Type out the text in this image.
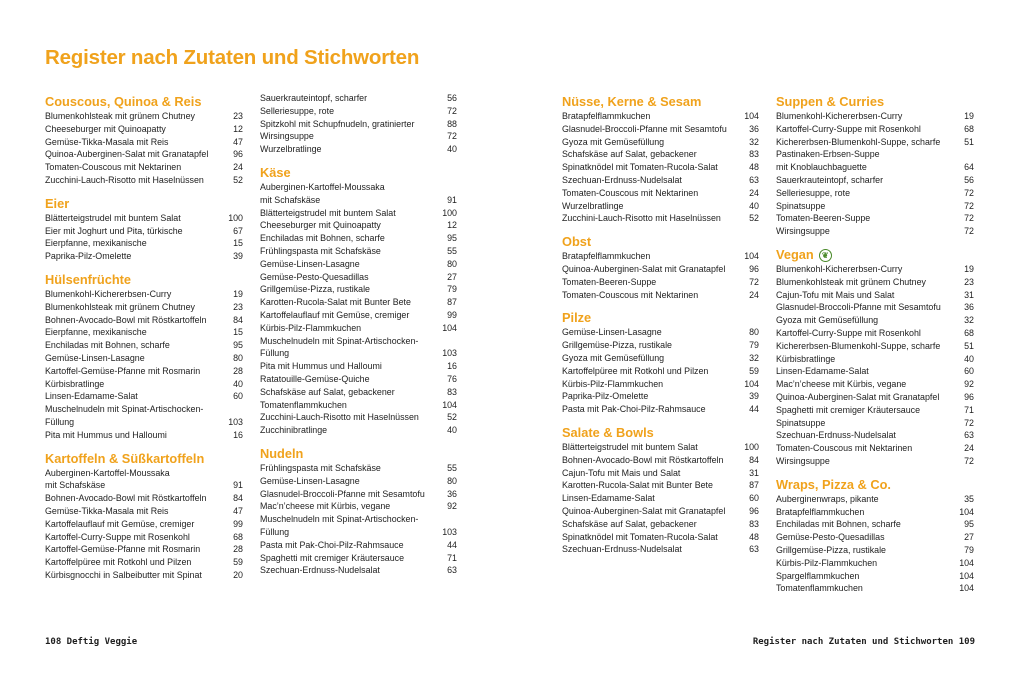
Register nach Zutaten und Stichworten
Couscous, Quinoa & Reis
Blumenkohlsteak mit grünem Chutney	23
Cheeseburger mit Quinoapatty	12
Gemüse-Tikka-Masala mit Reis	47
Quinoa-Auberginen-Salat mit Granatapfel	96
Tomaten-Couscous mit Nektarinen	24
Zucchini-Lauch-Risotto mit Haselnüssen	52
Eier
Blätterteigstrudel mit buntem Salat	100
Eier mit Joghurt und Pita, türkische	67
Eierpfanne, mexikanische	15
Paprika-Pilz-Omelette	39
Hülsenfrüchte
Blumenkohl-Kichererbsen-Curry	19
Blumenkohlsteak mit grünem Chutney	23
Bohnen-Avocado-Bowl mit Röstkartoffeln	84
Eierpfanne, mexikanische	15
Enchiladas mit Bohnen, scharfe	95
Gemüse-Linsen-Lasagne	80
Kartoffel-Gemüse-Pfanne mit Rosmarin	28
Kürbisbratlinge	40
Linsen-Edamame-Salat	60
Muschelnudeln mit Spinat-Artischocken-
Füllung	103
Pita mit Hummus und Halloumi	16
Kartoffeln & Süßkartoffeln
Auberginen-Kartoffel-Moussaka
mit Schafskäse	91
Bohnen-Avocado-Bowl mit Röstkartoffeln	84
Gemüse-Tikka-Masala mit Reis	47
Kartoffelauflauf mit Gemüse, cremiger	99
Kartoffel-Curry-Suppe mit Rosenkohl	68
Kartoffel-Gemüse-Pfanne mit Rosmarin	28
Kartoffelpüree mit Rotkohl und Pilzen	59
Kürbisgnocchi in Salbeibutter mit Spinat	20
Sauerkrauteintopf, scharfer	56
Selleriesuppe, rote	72
Spitzkohl mit Schupfnudeln, gratinierter	88
Wirsingsuppe	72
Wurzelbratlinge	40
Käse
Auberginen-Kartoffel-Moussaka
mit Schafskäse	91
Blätterteigstrudel mit buntem Salat	100
Cheeseburger mit Quinoapatty	12
Enchiladas mit Bohnen, scharfe	95
Frühlingspasta mit Schafskäse	55
Gemüse-Linsen-Lasagne	80
Gemüse-Pesto-Quesadillas	27
Grillgemüse-Pizza, rustikale	79
Karotten-Rucola-Salat mit Bunter Bete	87
Kartoffelauflauf mit Gemüse, cremiger	99
Kürbis-Pilz-Flammkuchen	104
Muschelnudeln mit Spinat-Artischocken-
Füllung	103
Pita mit Hummus und Halloumi	16
Ratatouille-Gemüse-Quiche	76
Schafskäse auf Salat, gebackener	83
Tomatenflammkuchen	104
Zucchini-Lauch-Risotto mit Haselnüssen	52
Zucchinibratlinge	40
Nudeln
Frühlingspasta mit Schafskäse	55
Gemüse-Linsen-Lasagne	80
Glasnudel-Broccoli-Pfanne mit Sesamtofu	36
Mac’n’cheese mit Kürbis, vegane	92
Muschelnudeln mit Spinat-Artischocken-
Füllung	103
Pasta mit Pak-Choi-Pilz-Rahmsauce	44
Spaghetti mit cremiger Kräutersauce	71
Szechuan-Erdnuss-Nudelsalat	63
Nüsse, Kerne & Sesam
Bratapfelflammkuchen	104
Glasnudel-Broccoli-Pfanne mit Sesamtofu	36
Gyoza mit Gemüsefüllung	32
Schafskäse auf Salat, gebackener	83
Spinatknödel mit Tomaten-Rucola-Salat	48
Szechuan-Erdnuss-Nudelsalat	63
Tomaten-Couscous mit Nektarinen	24
Wurzelbratlinge	40
Zucchini-Lauch-Risotto mit Haselnüssen	52
Obst
Bratapfelflammkuchen	104
Quinoa-Auberginen-Salat mit Granatapfel	96
Tomaten-Beeren-Suppe	72
Tomaten-Couscous mit Nektarinen	24
Pilze
Gemüse-Linsen-Lasagne	80
Grillgemüse-Pizza, rustikale	79
Gyoza mit Gemüsefüllung	32
Kartoffelpüree mit Rotkohl und Pilzen	59
Kürbis-Pilz-Flammkuchen	104
Paprika-Pilz-Omelette	39
Pasta mit Pak-Choi-Pilz-Rahmsauce	44
Salate & Bowls
Blätterteigstrudel mit buntem Salat	100
Bohnen-Avocado-Bowl mit Röstkartoffeln	84
Cajun-Tofu mit Mais und Salat	31
Karotten-Rucola-Salat mit Bunter Bete	87
Linsen-Edamame-Salat	60
Quinoa-Auberginen-Salat mit Granatapfel	96
Schafskäse auf Salat, gebackener	83
Spinatknödel mit Tomaten-Rucola-Salat	48
Szechuan-Erdnuss-Nudelsalat	63
Suppen & Curries
Blumenkohl-Kichererbsen-Curry	19
Kartoffel-Curry-Suppe mit Rosenkohl	68
Kichererbsen-Blumenkohl-Suppe, scharfe	51
Pastinaken-Erbsen-Suppe
mit Knoblauchbaguette	64
Sauerkrauteintopf, scharfer	56
Selleriesuppe, rote	72
Spinatsuppe	72
Tomaten-Beeren-Suppe	72
Wirsingsuppe	72
Vegan ❦
Blumenkohl-Kichererbsen-Curry	19
Blumenkohlsteak mit grünem Chutney	23
Cajun-Tofu mit Mais und Salat	31
Glasnudel-Broccoli-Pfanne mit Sesamtofu	36
Gyoza mit Gemüsefüllung	32
Kartoffel-Curry-Suppe mit Rosenkohl	68
Kichererbsen-Blumenkohl-Suppe, scharfe	51
Kürbisbratlinge	40
Linsen-Edamame-Salat	60
Mac’n’cheese mit Kürbis, vegane	92
Quinoa-Auberginen-Salat mit Granatapfel	96
Spaghetti mit cremiger Kräutersauce	71
Spinatsuppe	72
Szechuan-Erdnuss-Nudelsalat	63
Tomaten-Couscous mit Nektarinen	24
Wirsingsuppe	72
Wraps, Pizza & Co.
Auberginenwraps, pikante	35
Bratapfelflammkuchen	104
Enchiladas mit Bohnen, scharfe	95
Gemüse-Pesto-Quesadillas	27
Grillgemüse-Pizza, rustikale	79
Kürbis-Pilz-Flammkuchen	104
Spargelflammkuchen	104
Tomatenflammkuchen	104
108 Deftig Veggie	Register nach Zutaten und Stichworten 109
